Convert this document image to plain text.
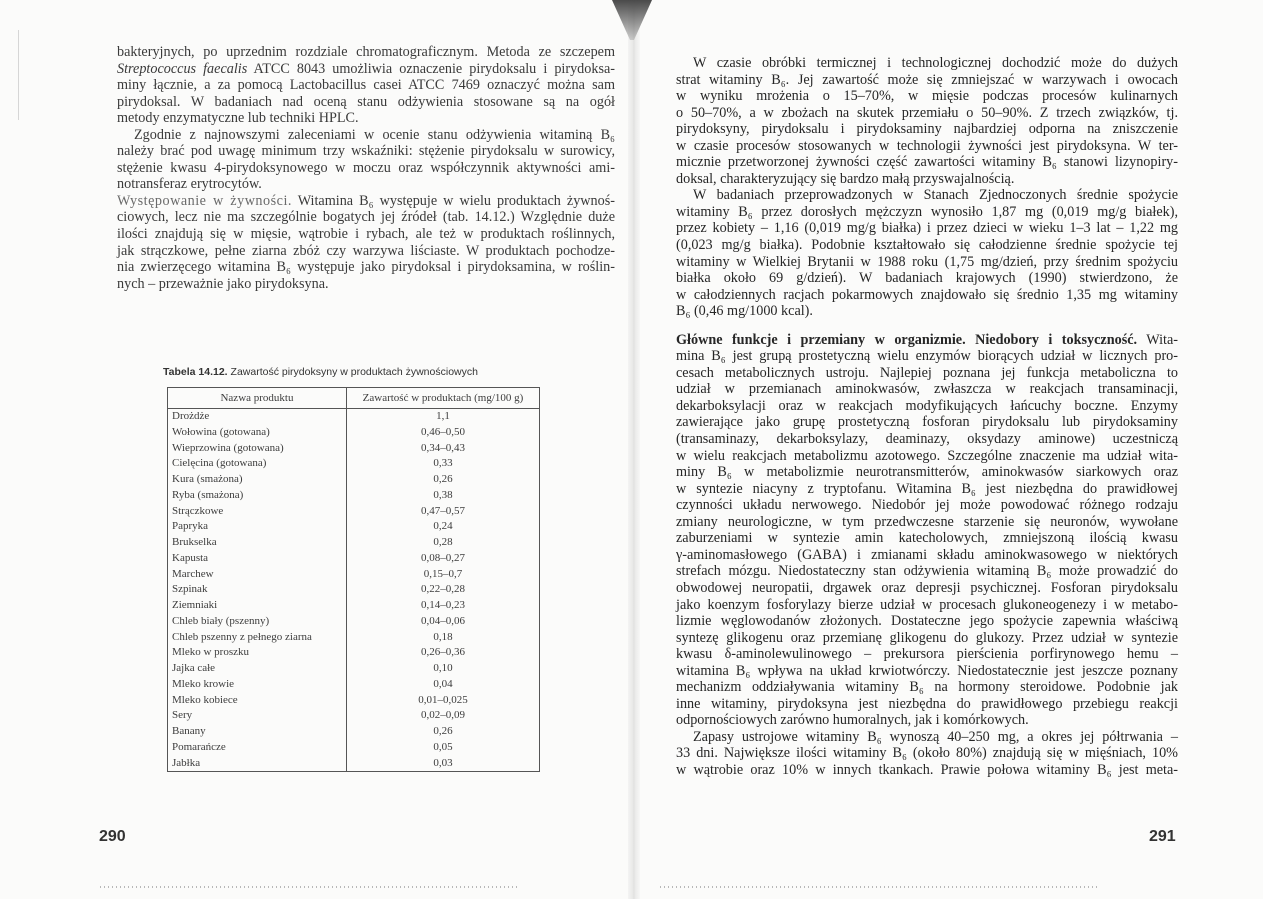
bakteryjnych, po uprzednim rozdziale chromatograficznym. Metoda ze szczepem
Streptococcus faecalis ATCC 8043 umożliwia oznaczenie pirydoksalu i pirydoksa-
miny łącznie, a za pomocą Lactobacillus casei ATCC 7469 oznaczyć można sam
pirydoksal. W badaniach nad oceną stanu odżywienia stosowane są na ogół
metody enzymatyczne lub techniki HPLC.

Zgodnie z najnowszymi zaleceniami w ocenie stanu odżywienia witaminą B₆
należy brać pod uwagę minimum trzy wskaźniki: stężenie pirydoksalu w surowicy,
stężenie kwasu 4-pirydoksynowego w moczu oraz współczynnik aktywności ami-
notransferaz erytrocytów.

Występowanie w żywności. Witamina B₆ występuje w wielu produktach żywnoś-
ciowych, lecz nie ma szczególnie bogatych jej źródeł (tab. 14.12.) Względnie duże
ilości znajdują się w mięsie, wątrobie i rybach, ale też w produktach roślinnych,
jak strączkowe, pełne ziarna zbóż czy warzywa liściaste. W produktach pochodze-
nia zwierzęcego witamina B₆ występuje jako pirydoksal i pirydoksamina, w roślin-
nych – przeważnie jako pirydoksyna.

Tabela 14.12. Zawartość pirydoksyny w produktach żywnościowych
Nazwa produktu	Zawartość w produktach (mg/100 g)
Drożdże	1,1
Wołowina (gotowana)	0,46–0,50
Wieprzowina (gotowana)	0,34–0,43
Cielęcina (gotowana)	0,33
Kura (smażona)	0,26
Ryba (smażona)	0,38
Strączkowe	0,47–0,57
Papryka	0,24
Brukselka	0,28
Kapusta	0,08–0,27
Marchew	0,15–0,7
Szpinak	0,22–0,28
Ziemniaki	0,14–0,23
Chleb biały (pszenny)	0,04–0,06
Chleb pszenny z pełnego ziarna	0,18
Mleko w proszku	0,26–0,36
Jajka całe	0,10
Mleko krowie	0,04
Mleko kobiece	0,01–0,025
Sery	0,02–0,09
Banany	0,26
Pomarańcze	0,05
Jabłka	0,03
290

W czasie obróbki termicznej i technologicznej dochodzić może do dużych
strat witaminy B₆. Jej zawartość może się zmniejszać w warzywach i owocach
w wyniku mrożenia o 15–70%, w mięsie podczas procesów kulinarnych
o 50–70%, a w zbożach na skutek przemiału o 50–90%. Z trzech związków, tj.
pirydoksyny, pirydoksalu i pirydoksaminy najbardziej odporna na zniszczenie
w czasie procesów stosowanych w technologii żywności jest pirydoksyna. W ter-
micznie przetworzonej żywności część zawartości witaminy B₆ stanowi lizynopiry-
doksal, charakteryzujący się bardzo małą przyswajalnością.

W badaniach przeprowadzonych w Stanach Zjednoczonych średnie spożycie
witaminy B₆ przez dorosłych mężczyzn wynosiło 1,87 mg (0,019 mg/g białek),
przez kobiety – 1,16 (0,019 mg/g białka) i przez dzieci w wieku 1–3 lat – 1,22 mg
(0,023 mg/g białka). Podobnie kształtowało się całodzienne średnie spożycie tej
witaminy w Wielkiej Brytanii w 1988 roku (1,75 mg/dzień, przy średnim spożyciu
białka około 69 g/dzień). W badaniach krajowych (1990) stwierdzono, że
w całodziennych racjach pokarmowych znajdowało się średnio 1,35 mg witaminy
B₆ (0,46 mg/1000 kcal).

Główne funkcje i przemiany w organizmie. Niedobory i toksyczność. Wita-
mina B₆ jest grupą prostetyczną wielu enzymów biorących udział w licznych pro-
cesach metabolicznych ustroju. Najlepiej poznana jej funkcja metaboliczna to
udział w przemianach aminokwasów, zwłaszcza w reakcjach transaminacji,
dekarboksylacji oraz w reakcjach modyfikujących łańcuchy boczne. Enzymy
zawierające jako grupę prostetyczną fosforan pirydoksalu lub pirydoksaminy
(transaminazy, dekarboksylazy, deaminazy, oksydazy aminowe) uczestniczą
w wielu reakcjach metabolizmu azotowego. Szczególne znaczenie ma udział wita-
miny B₆ w metabolizmie neurotransmitterów, aminokwasów siarkowych oraz
w syntezie niacyny z tryptofanu. Witamina B₆ jest niezbędna do prawidłowej
czynności układu nerwowego. Niedobór jej może powodować różnego rodzaju
zmiany neurologiczne, w tym przedwczesne starzenie się neuronów, wywołane
zaburzeniami w syntezie amin katecholowych, zmniejszoną ilością kwasu
γ-aminomasłowego (GABA) i zmianami składu aminokwasowego w niektórych
strefach mózgu. Niedostateczny stan odżywienia witaminą B₆ może prowadzić do
obwodowej neuropatii, drgawek oraz depresji psychicznej. Fosforan pirydoksalu
jako koenzym fosforylazy bierze udział w procesach glukoneogenezy i w metabo-
lizmie węglowodanów złożonych. Dostateczne jego spożycie zapewnia właściwą
syntezę glikogenu oraz przemianę glikogenu do glukozy. Przez udział w syntezie
kwasu δ-aminolewulinowego – prekursora pierścienia porfirynowego hemu –
witamina B₆ wpływa na układ krwiotwórczy. Niedostatecznie jest jeszcze poznany
mechanizm oddziaływania witaminy B₆ na hormony steroidowe. Podobnie jak
inne witaminy, pirydoksyna jest niezbędna do prawidłowego przebiegu reakcji
odpornościowych zarówno humoralnych, jak i komórkowych.

Zapasy ustrojowe witaminy B₆ wynoszą 40–250 mg, a okres jej półtrwania –
33 dni. Największe ilości witaminy B₆ (około 80%) znajdują się w mięśniach, 10%
w wątrobie oraz 10% w innych tkankach. Prawie połowa witaminy B₆ jest meta-

291
